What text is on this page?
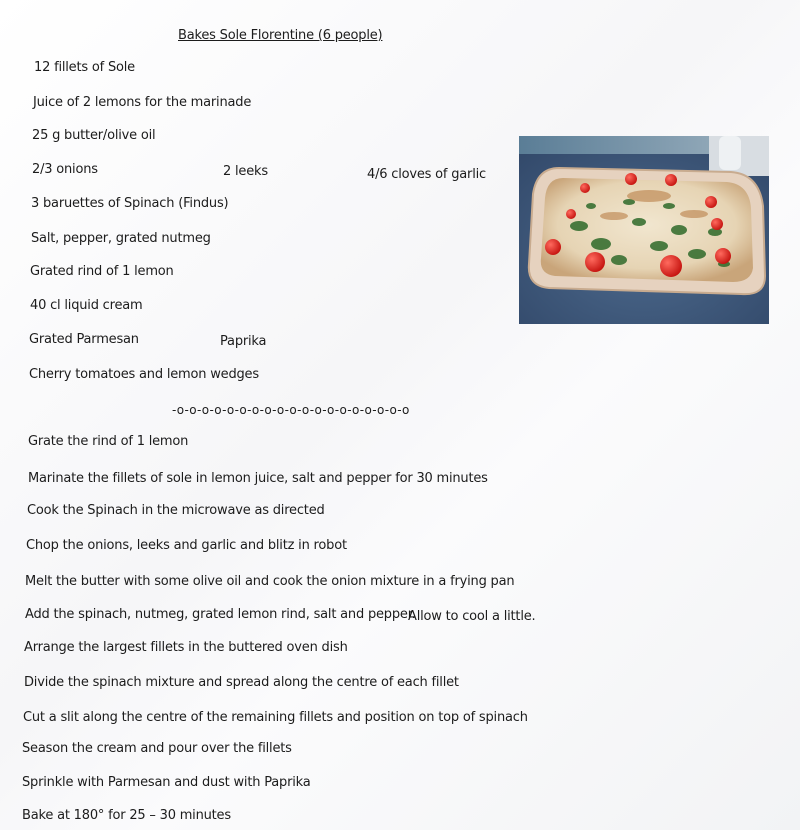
Bakes Sole Florentine (6 people)
12 fillets of Sole
Juice of 2 lemons for the marinade
25 g butter/olive oil
2/3 onions	2 leeks	4/6 cloves of garlic
3 baruettes of Spinach (Findus)
Salt, pepper, grated nutmeg
Grated rind of 1 lemon
40 cl liquid cream
Grated Parmesan	Paprika
Cherry tomatoes and lemon wedges
-o-o-o-o-o-o-o-o-o-o-o-o-o-o-o-o-o-o-o
Grate the rind of 1 lemon
Marinate the fillets of sole in lemon juice, salt and pepper for 30 minutes
Cook the Spinach in the microwave as directed
Chop the onions, leeks and garlic and blitz in robot
Melt the butter with some olive oil and cook the onion mixture in a frying pan
Add the spinach, nutmeg, grated lemon rind, salt and pepper.
Allow to cool a little.
Arrange the largest fillets in the buttered oven dish
Divide the spinach mixture and spread along the centre of each fillet
Cut a slit along the centre of the remaining fillets and position on top of spinach
Season the cream and pour over the fillets
Sprinkle with Parmesan and dust with Paprika
Bake at 180° for 25 – 30 minutes
